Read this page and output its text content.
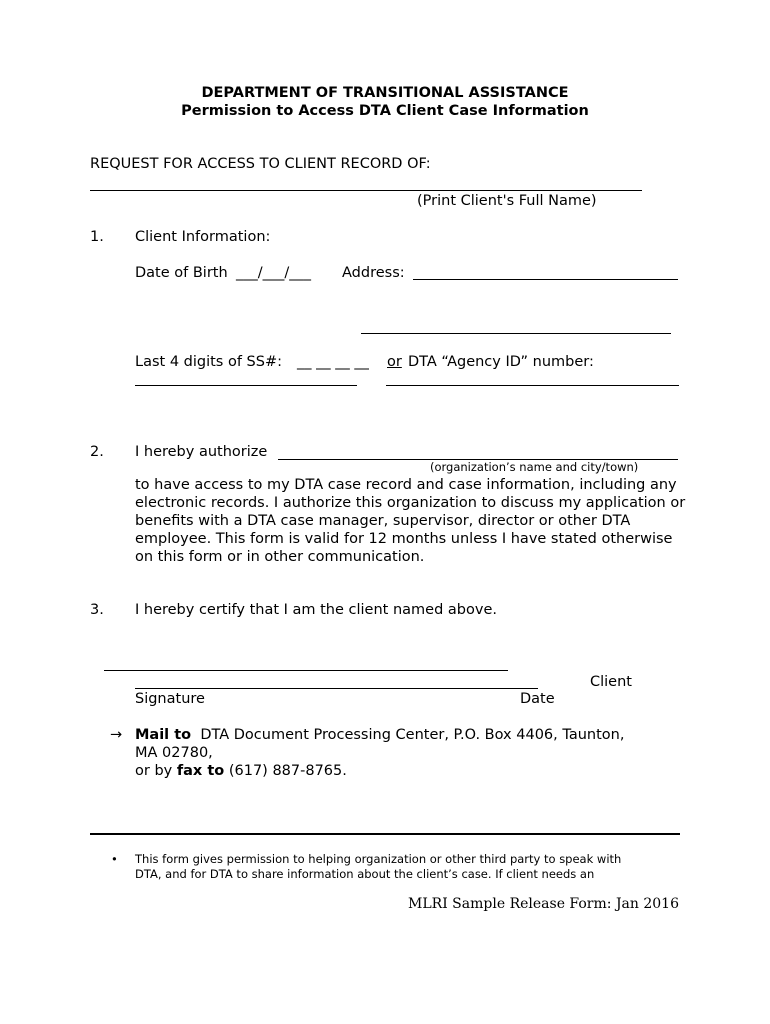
DEPARTMENT OF TRANSITIONAL ASSISTANCE
Permission to Access DTA Client Case Information
REQUEST FOR ACCESS TO CLIENT RECORD OF:
(Print Client's Full Name)
1. Client Information:
Date of Birth ___/___/___ Address:
Last 4 digits of SS#: __ __ __ __ or DTA “Agency ID” number:
2. I hereby authorize
(organization’s name and city/town)
to have access to my DTA case record and case information, including any electronic records. I authorize this organization to discuss my application or benefits with a DTA case manager, supervisor, director or other DTA employee. This form is valid for 12 months unless I have stated otherwise on this form or in other communication.
3. I hereby certify that I am the client named above.
Client
Signature	Date
→ Mail to DTA Document Processing Center, P.O. Box 4406, Taunton,
MA 02780,
or by fax to (617) 887-8765.
• This form gives permission to helping organization or other third party to speak with
DTA, and for DTA to share information about the client’s case. If client needs an
MLRI Sample Release Form: Jan 2016
